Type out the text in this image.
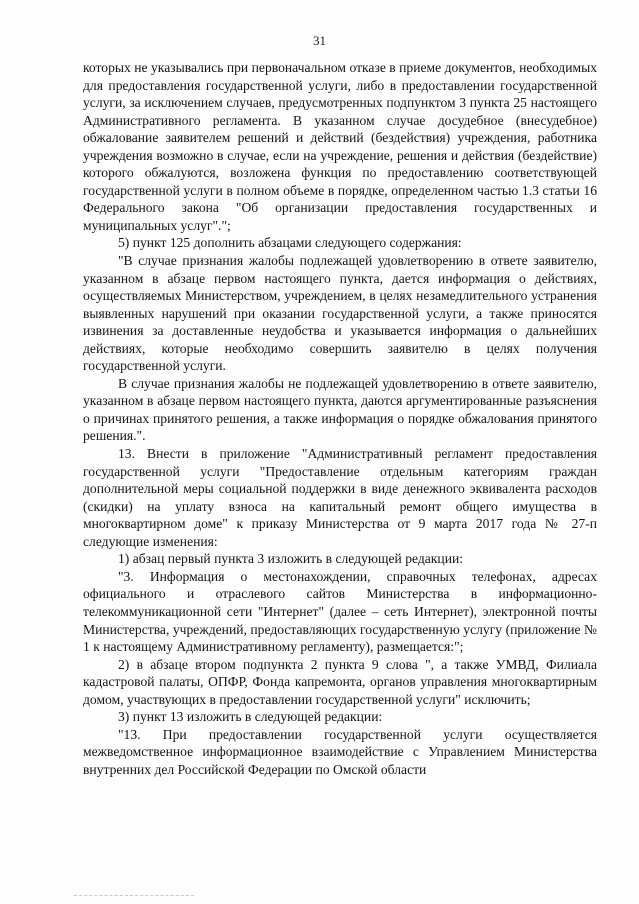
31

которых не указывались при первоначальном отказе в приеме документов, необходимых для предоставления государственной услуги, либо в предоставлении государственной услуги, за исключением случаев, предусмотренных подпунктом 3 пункта 25 настоящего Административного регламента. В указанном случае досудебное (внесудебное) обжалование заявителем решений и действий (бездействия) учреждения, работника учреждения возможно в случае, если на учреждение, решения и действия (бездействие) которого обжалуются, возложена функция по предоставлению соответствующей государственной услуги в полном объеме в порядке, определенном частью 1.3 статьи 16 Федерального закона "Об организации предоставления государственных и муниципальных услуг".";

5) пункт 125 дополнить абзацами следующего содержания:

"В случае признания жалобы подлежащей удовлетворению в ответе заявителю, указанном в абзаце первом настоящего пункта, дается информация о действиях, осуществляемых Министерством, учреждением, в целях незамедлительного устранения выявленных нарушений при оказании государственной услуги, а также приносятся извинения за доставленные неудобства и указывается информация о дальнейших действиях, которые необходимо совершить заявителю в целях получения государственной услуги.

В случае признания жалобы не подлежащей удовлетворению в ответе заявителю, указанном в абзаце первом настоящего пункта, даются аргументированные разъяснения о причинах принятого решения, а также информация о порядке обжалования принятого решения.".

13. Внести в приложение "Административный регламент предоставления государственной услуги "Предоставление отдельным категориям граждан дополнительной меры социальной поддержки в виде денежного эквивалента расходов (скидки) на уплату взноса на капитальный ремонт общего имущества в многоквартирном доме" к приказу Министерства от 9 марта 2017 года № 27-п следующие изменения:

1) абзац первый пункта 3 изложить в следующей редакции:

"3. Информация о местонахождении, справочных телефонах, адресах официального и отраслевого сайтов Министерства в информационно-телекоммуникационной сети "Интернет" (далее – сеть Интернет), электронной почты Министерства, учреждений, предоставляющих государственную услугу (приложение № 1 к настоящему Административному регламенту), размещается:";

2) в абзаце втором подпункта 2 пункта 9 слова ", а также УМВД, Филиала кадастровой палаты, ОПФР, Фонда капремонта, органов управления многоквартирным домом, участвующих в предоставлении государственной услуги" исключить;

3) пункт 13 изложить в следующей редакции:

"13. При предоставлении государственной услуги осуществляется межведомственное информационное взаимодействие с Управлением Министерства внутренних дел Российской Федерации по Омской области
